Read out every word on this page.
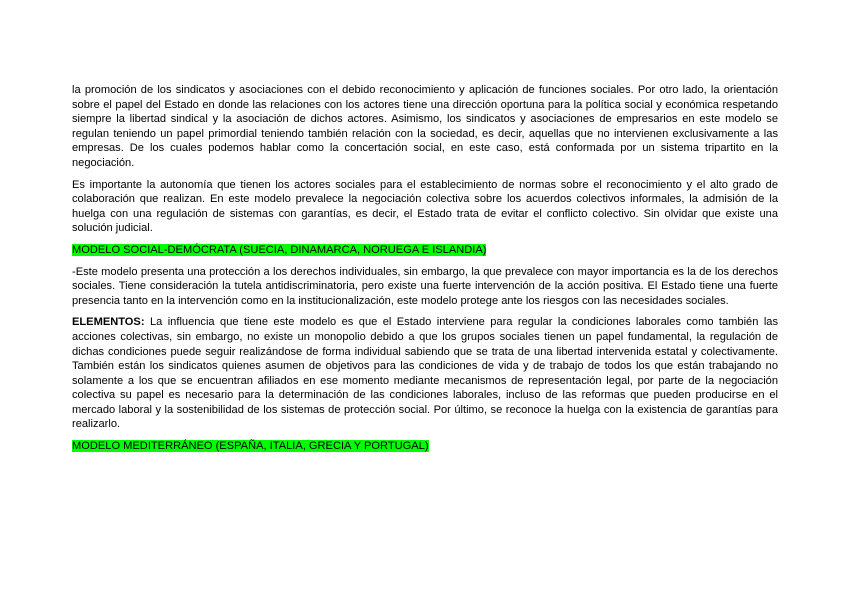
la promoción de los sindicatos y asociaciones con el debido reconocimiento y aplicación de funciones sociales. Por otro lado, la orientación sobre el papel del Estado en donde las relaciones con los actores tiene una dirección oportuna para la política social y económica respetando siempre la libertad sindical y la asociación de dichos actores. Asimismo, los sindicatos y asociaciones de empresarios en este modelo se regulan teniendo un papel primordial teniendo también relación con la sociedad, es decir, aquellas que no intervienen exclusivamente a las empresas. De los cuales podemos hablar como la concertación social, en este caso, está conformada por un sistema tripartito en la negociación.

Es importante la autonomía que tienen los actores sociales para el establecimiento de normas sobre el reconocimiento y el alto grado de colaboración que realizan. En este modelo prevalece la negociación colectiva sobre los acuerdos colectivos informales, la admisión de la huelga con una regulación de sistemas con garantías, es decir, el Estado trata de evitar el conflicto colectivo. Sin olvidar que existe una solución judicial.

MODELO SOCIAL-DEMÓCRATA (SUECIA, DINAMARCA, NORUEGA E ISLANDIA)

-Este modelo presenta una protección a los derechos individuales, sin embargo, la que prevalece con mayor importancia es la de los derechos sociales. Tiene consideración la tutela antidiscriminatoria, pero existe una fuerte intervención de la acción positiva. El Estado tiene una fuerte presencia tanto en la intervención como en la institucionalización, este modelo protege ante los riesgos con las necesidades sociales.

ELEMENTOS: La influencia que tiene este modelo es que el Estado interviene para regular la condiciones laborales como también las acciones colectivas, sin embargo, no existe un monopolio debido a que los grupos sociales tienen un papel fundamental, la regulación de dichas condiciones puede seguir realizándose de forma individual sabiendo que se trata de una libertad intervenida estatal y colectivamente. También están los sindicatos quienes asumen de objetivos para las condiciones de vida y de trabajo de todos los que están trabajando no solamente a los que se encuentran afiliados en ese momento mediante mecanismos de representación legal, por parte de la negociación colectiva su papel es necesario para la determinación de las condiciones laborales, incluso de las reformas que pueden producirse en el mercado laboral y la sostenibilidad de los sistemas de protección social. Por último, se reconoce la huelga con la existencia de garantías para realizarlo.

MODELO MEDITERRÁNEO (ESPAÑA, ITALIA, GRECIA Y PORTUGAL)
